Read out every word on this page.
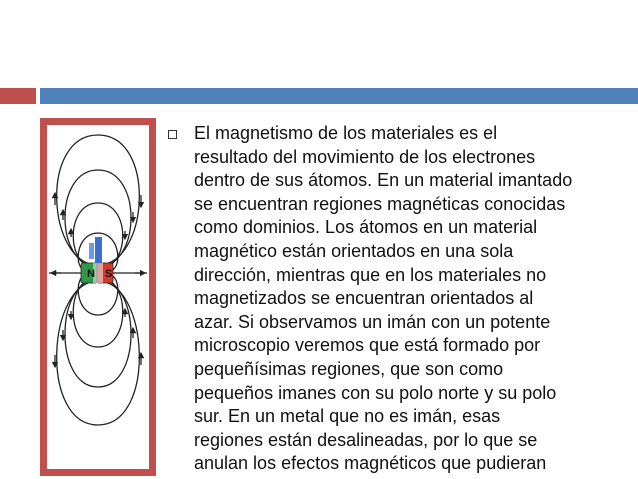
N S

El magnetismo de los materiales es el
resultado del movimiento de los electrones
dentro de sus átomos. En un material imantado
se encuentran regiones magnéticas conocidas
como dominios. Los átomos en un material
magnético están orientados en una sola
dirección, mientras que en los materiales no
magnetizados se encuentran orientados al
azar. Si observamos un imán con un potente
microscopio veremos que está formado por
pequeñísimas regiones, que son como
pequeños imanes con su polo norte y su polo
sur. En un metal que no es imán, esas
regiones están desalineadas, por lo que se
anulan los efectos magnéticos que pudieran
